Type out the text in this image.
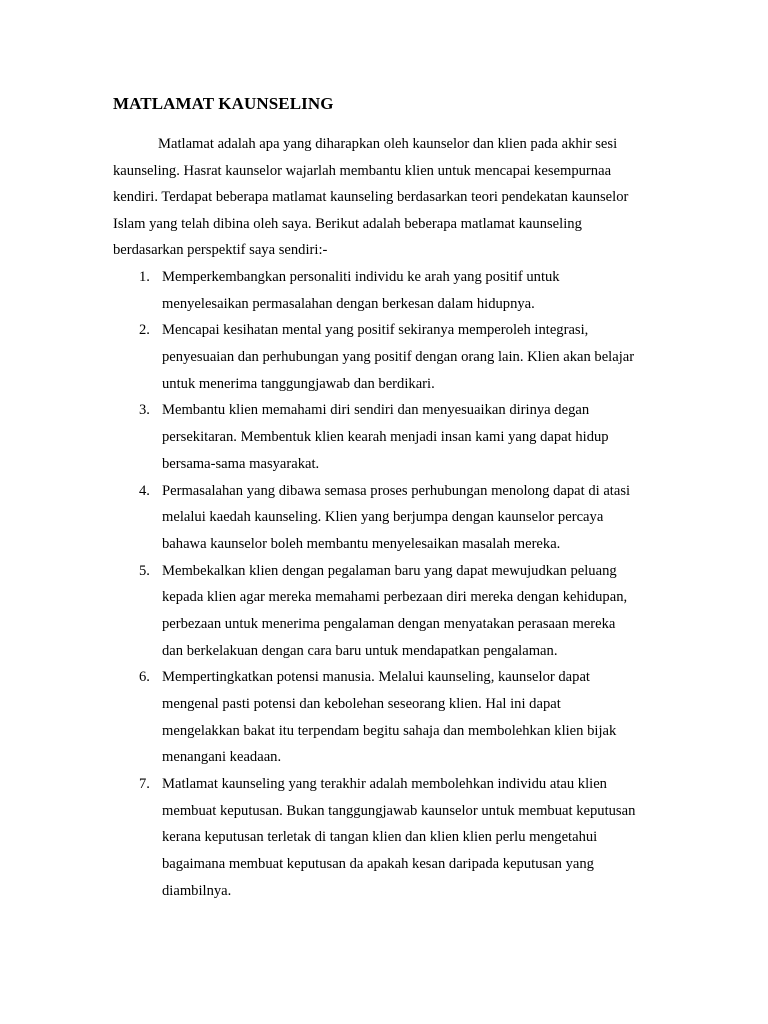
MATLAMAT KAUNSELING
Matlamat adalah apa yang diharapkan oleh kaunselor dan klien pada akhir sesi
kaunseling. Hasrat kaunselor wajarlah membantu klien untuk mencapai kesempurnaa
kendiri. Terdapat beberapa matlamat kaunseling berdasarkan teori pendekatan kaunselor
Islam yang telah dibina oleh saya. Berikut adalah beberapa matlamat kaunseling
berdasarkan perspektif saya sendiri:-
1. Memperkembangkan personaliti individu ke arah yang positif untuk
menyelesaikan permasalahan dengan berkesan dalam hidupnya.
2. Mencapai kesihatan mental yang positif sekiranya memperoleh integrasi,
penyesuaian dan perhubungan yang positif dengan orang lain. Klien akan belajar
untuk menerima tanggungjawab dan berdikari.
3. Membantu klien memahami diri sendiri dan menyesuaikan dirinya degan
persekitaran. Membentuk klien kearah menjadi insan kami yang dapat hidup
bersama-sama masyarakat.
4. Permasalahan yang dibawa semasa proses perhubungan menolong dapat di atasi
melalui kaedah kaunseling. Klien yang berjumpa dengan kaunselor percaya
bahawa kaunselor boleh membantu menyelesaikan masalah mereka.
5. Membekalkan klien dengan pegalaman baru yang dapat mewujudkan peluang
kepada klien agar mereka memahami perbezaan diri mereka dengan kehidupan,
perbezaan untuk menerima pengalaman dengan menyatakan perasaan mereka
dan berkelakuan dengan cara baru untuk mendapatkan pengalaman.
6. Mempertingkatkan potensi manusia. Melalui kaunseling, kaunselor dapat
mengenal pasti potensi dan kebolehan seseorang klien. Hal ini dapat
mengelakkan bakat itu terpendam begitu sahaja dan membolehkan klien bijak
menangani keadaan.
7. Matlamat kaunseling yang terakhir adalah membolehkan individu atau klien
membuat keputusan. Bukan tanggungjawab kaunselor untuk membuat keputusan
kerana keputusan terletak di tangan klien dan klien klien perlu mengetahui
bagaimana membuat keputusan da apakah kesan daripada keputusan yang
diambilnya.
